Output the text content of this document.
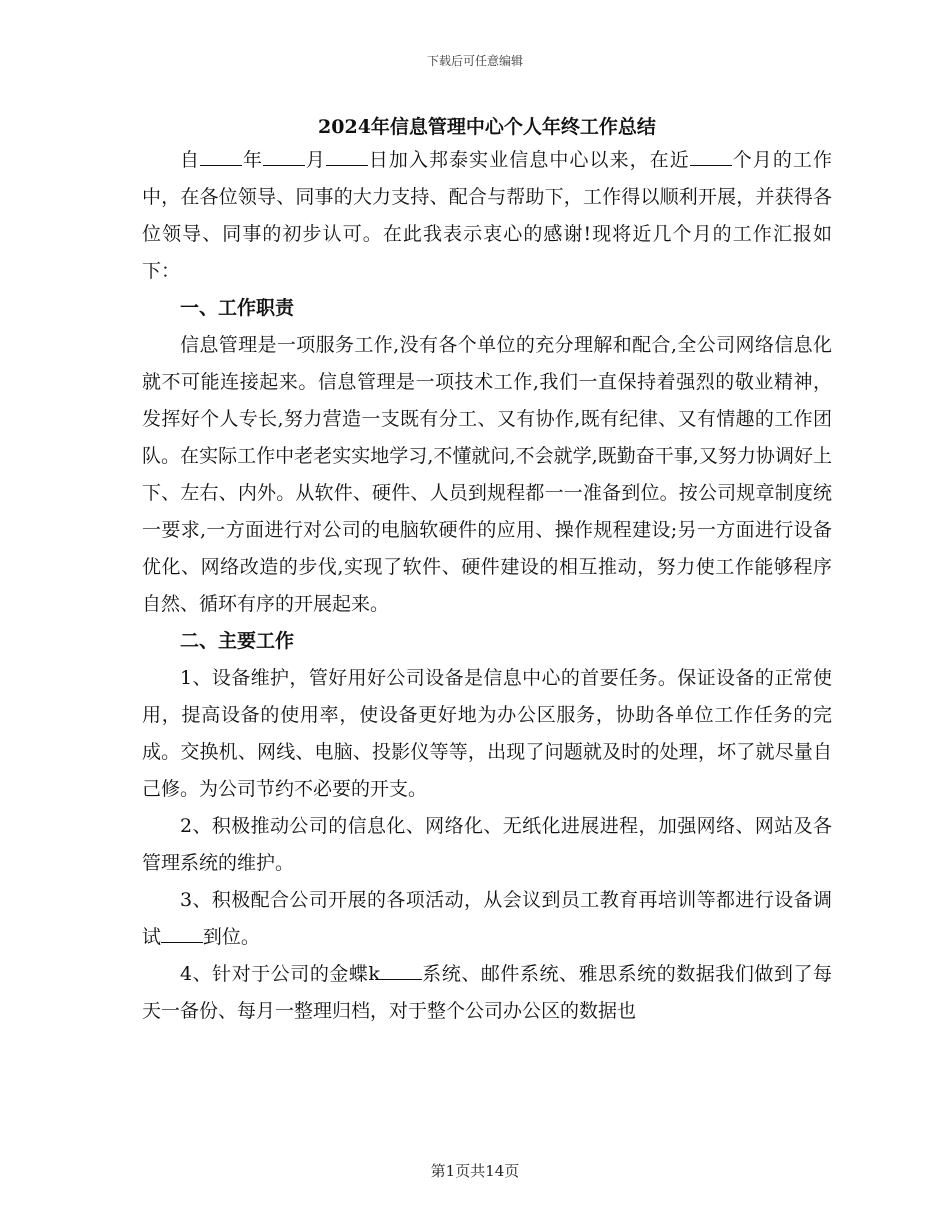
下载后可任意编辑
2024年信息管理中心个人年终工作总结

自 年 月 日加入邦泰实业信息中心以来，在近 个月的工作中，在各位领导、同事的大力支持、配合与帮助下，工作得以顺利开展，并获得各位领导、同事的初步认可。在此我表示衷心的感谢!现将近几个月的工作汇报如下：

一、工作职责

信息管理是一项服务工作,没有各个单位的充分理解和配合,全公司网络信息化就不可能连接起来。信息管理是一项技术工作,我们一直保持着强烈的敬业精神，发挥好个人专长,努力营造一支既有分工、又有协作,既有纪律、又有情趣的工作团队。在实际工作中老老实实地学习,不懂就问,不会就学,既勤奋干事,又努力协调好上下、左右、内外。从软件、硬件、人员到规程都一一准备到位。按公司规章制度统一要求,一方面进行对公司的电脑软硬件的应用、操作规程建设;另一方面进行设备优化、网络改造的步伐,实现了软件、硬件建设的相互推动，努力使工作能够程序自然、循环有序的开展起来。

二、主要工作

1、设备维护，管好用好公司设备是信息中心的首要任务。保证设备的正常使用，提高设备的使用率，使设备更好地为办公区服务，协助各单位工作任务的完成。交换机、网线、电脑、投影仪等等，出现了问题就及时的处理，坏了就尽量自己修。为公司节约不必要的开支。

2、积极推动公司的信息化、网络化、无纸化进展进程，加强网络、网站及各管理系统的维护。

3、积极配合公司开展的各项活动，从会议到员工教育再培训等都进行设备调试 到位。

4、针对于公司的金蝶k 系统、邮件系统、雅思系统的数据我们做到了每天一备份、每月一整理归档，对于整个公司办公区的数据也

第1页共14页
